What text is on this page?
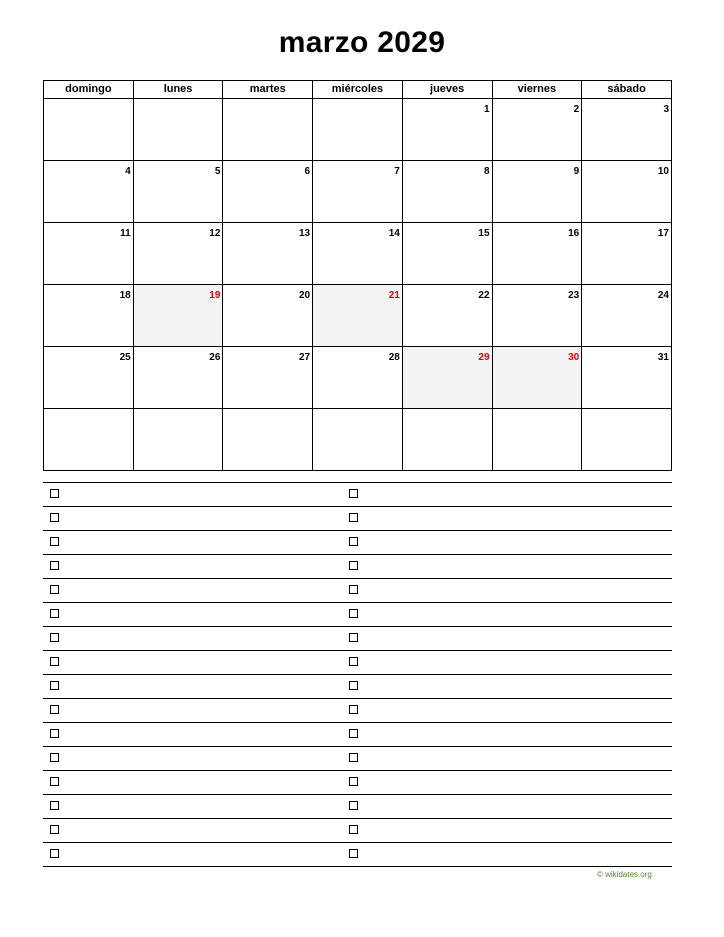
marzo 2029
domingo	lunes	martes	miércoles	jueves	viernes	sábado
				1	2	3
4	5	6	7	8	9	10
11	12	13	14	15	16	17
18	19	20	21	22	23	24
25	26	27	28	29	30	31

© wikidates.org
